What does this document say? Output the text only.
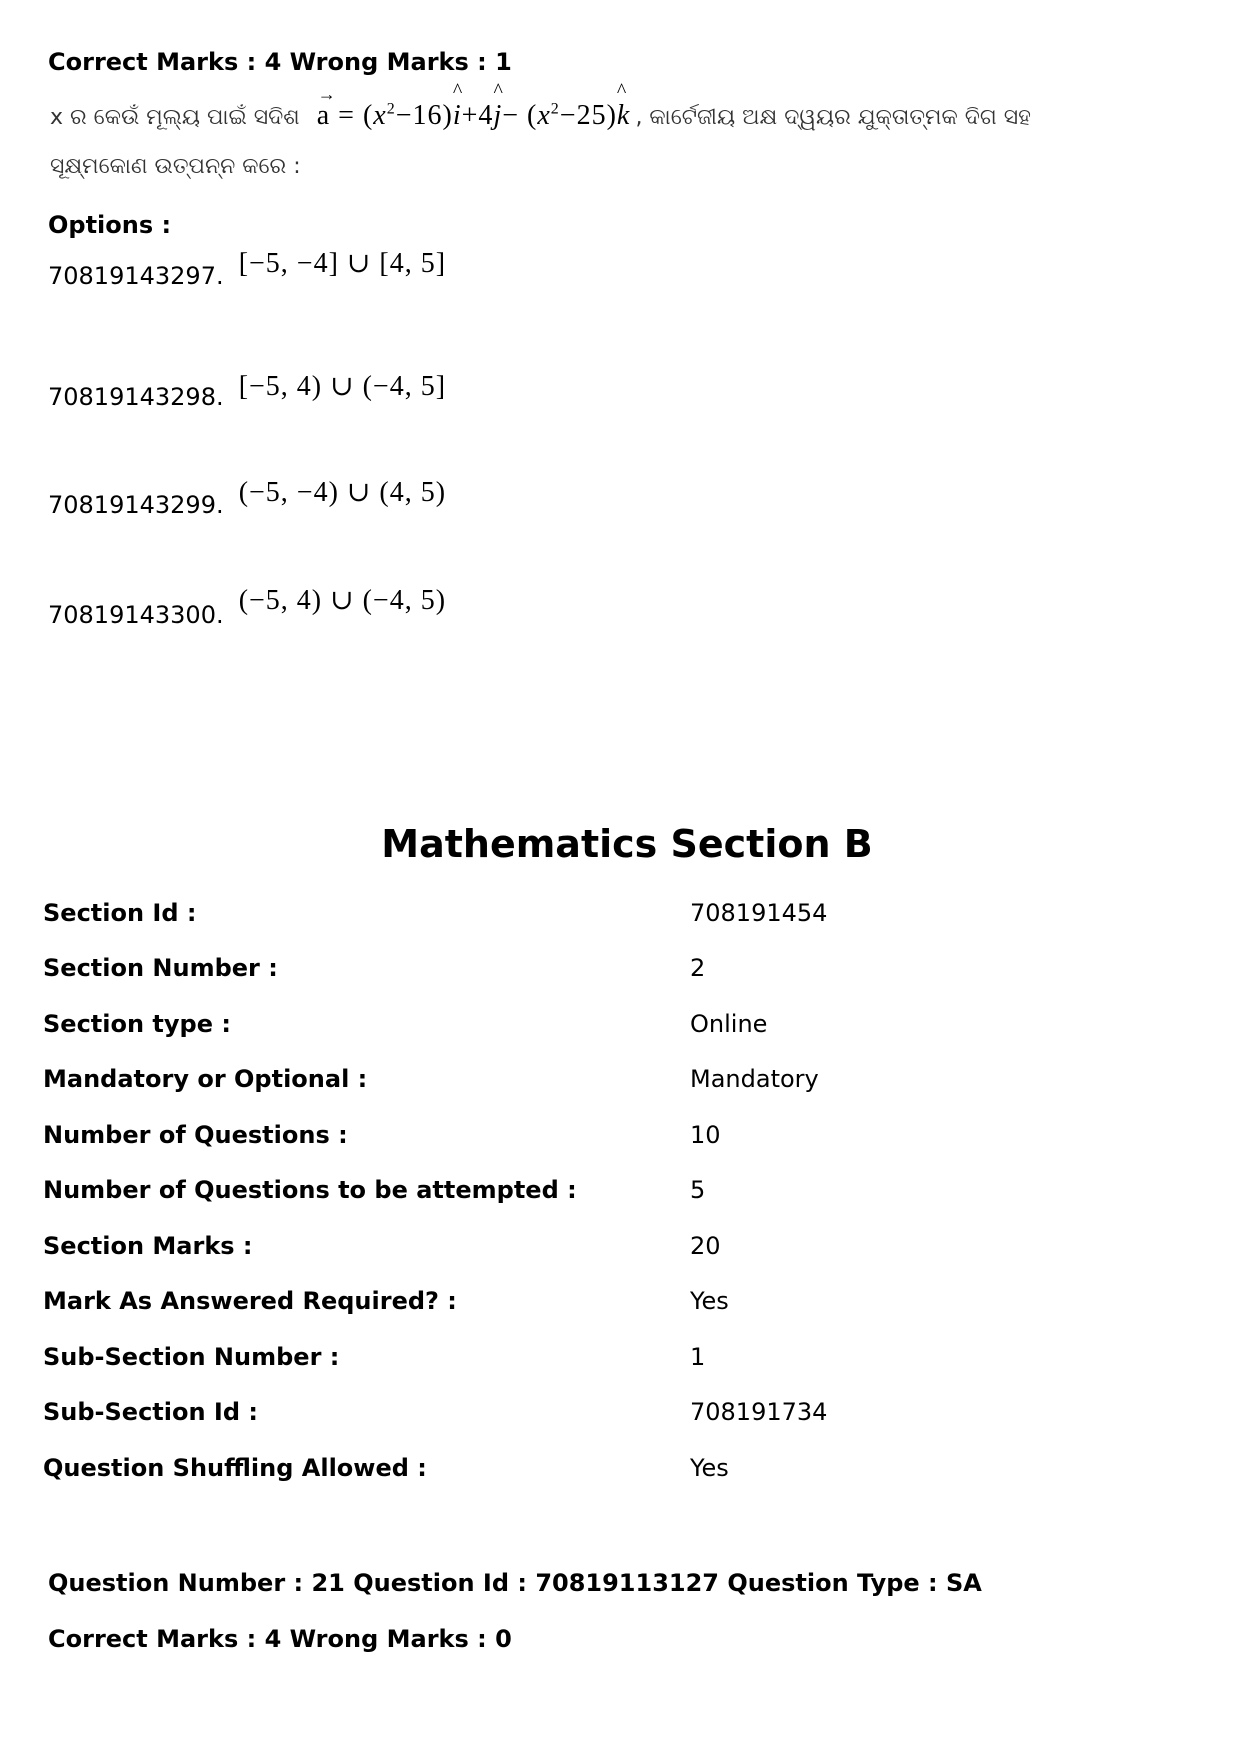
Correct Marks : 4 Wrong Marks : 1
x ର କେଉଁ ମୂଲ୍ୟ ପାଇଁ ସଦିଶ → $a = (x^2-16)\^{}$ i+4^ $j- (x^2-25)\^{}$ k , କାର୍ଟେଜୀୟ ଅକ୍ଷ ଦ୍ୱୟର ଯୁକ୍ତାତ୍ମକ ଦିଗ ସହ
ସୂକ୍ଷ୍ମକୋଣ ଉତ୍ପନ୍ନ କରେ :
Options :
70819143297. [−5, −4] ∪ [4, 5]
70819143298. [−5, 4) ∪ (−4, 5]
70819143299. (−5, −4) ∪ (4, 5)
70819143300. (−5, 4) ∪ (−4, 5)
Mathematics Section B
Section Id :	708191454
Section Number :	2
Section type :	Online
Mandatory or Optional :	Mandatory
Number of Questions :	10
Number of Questions to be attempted :	5
Section Marks :	20
Mark As Answered Required? :	Yes
Sub-Section Number :	1
Sub-Section Id :	708191734
Question Shuffling Allowed :	Yes
Question Number : 21 Question Id : 70819113127 Question Type : SA
Correct Marks : 4 Wrong Marks : 0
